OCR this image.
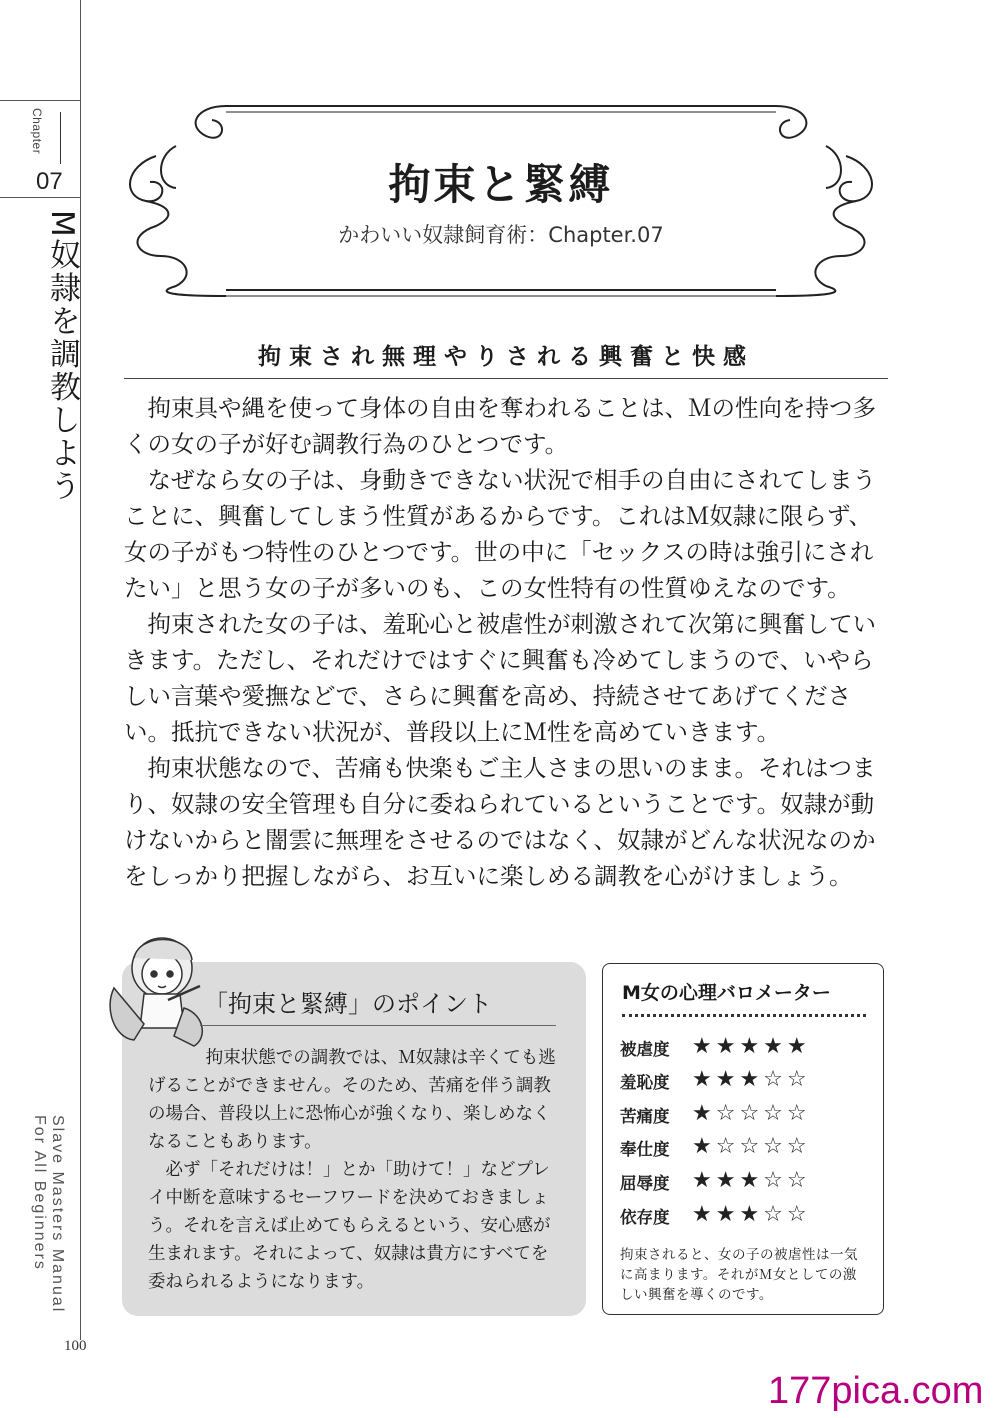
Chapter
07
M奴隷を調教しよう
Slave Masters Manual
For All Beginners
100
拘束と緊縛
かわいい奴隷飼育術：Chapter.07
拘束され無理やりされる興奮と快感

拘束具や縄を使って身体の自由を奪われることは、Ｍの性向を持つ多くの女の子が好む調教行為のひとつです。

なぜなら女の子は、身動きできない状況で相手の自由にされてしまうことに、興奮してしまう性質があるからです。これはＭ奴隷に限らず、女の子がもつ特性のひとつです。世の中に「セックスの時は強引にされたい」と思う女の子が多いのも、この女性特有の性質ゆえなのです。

拘束された女の子は、羞恥心と被虐性が刺激されて次第に興奮していきます。ただし、それだけではすぐに興奮も冷めてしまうので、いやらしい言葉や愛撫などで、さらに興奮を高め、持続させてあげてください。抵抗できない状況が、普段以上にＭ性を高めていきます。

拘束状態なので、苦痛も快楽もご主人さまの思いのまま。それはつまり、奴隷の安全管理も自分に委ねられているということです。奴隷が動けないからと闇雲に無理をさせるのではなく、奴隷がどんな状況なのかをしっかり把握しながら、お互いに楽しめる調教を心がけましょう。

「拘束と緊縛」のポイント

拘束状態での調教では、Ｍ奴隷は辛くても逃げることができません。そのため、苦痛を伴う調教の場合、普段以上に恐怖心が強くなり、楽しめなくなることもあります。

必ず「それだけは！」とか「助けて！」などプレイ中断を意味するセーフワードを決めておきましょう。それを言えば止めてもらえるという、安心感が生まれます。それによって、奴隷は貴方にすべてを委ねられるようになります。

M女の心理バロメーター
被虐度 ★★★★★
羞恥度 ★★★☆☆
苦痛度 ★☆☆☆☆
奉仕度 ★☆☆☆☆
屈辱度 ★★★☆☆
依存度 ★★★☆☆
拘束されると、女の子の被虐性は一気に高まります。それがＭ女としての激しい興奮を導くのです。
177pica.com
